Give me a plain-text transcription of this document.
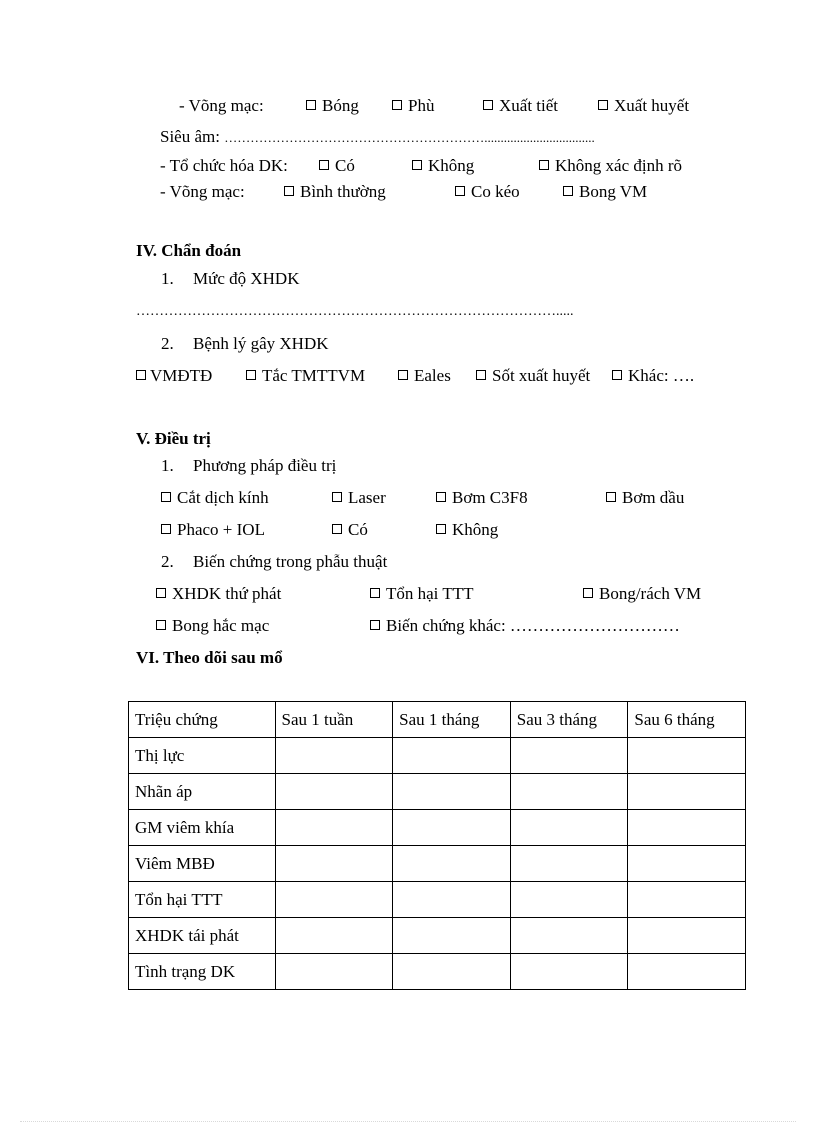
- Võng mạc:	Bóng	Phù	Xuất tiết	Xuất huyết
Siêu âm: ……………………………………………………..................................
- Tổ chức hóa DK:	Có	Không	Không xác định rõ
- Võng mạc:	Bình thường	Co kéo	Bong VM
IV. Chẩn đoán
1. Mức độ XHDK
……………………………………………………………………………….....
2. Bệnh lý gây XHDK
VMĐTĐ	Tắc TMTTVM	Eales	Sốt xuất huyết	Khác: ….
V. Điều trị
1. Phương pháp điều trị
Cắt dịch kính	Laser	Bơm C3F8	Bơm dầu
Phaco + IOL	Có	Không
2. Biến chứng trong phẫu thuật
XHDK thứ phát	Tổn hại TTT	Bong/rách VM
Bong hắc mạc	Biến chứng khác: …………………………
VI. Theo dõi sau mổ
Triệu chứng	Sau 1 tuần	Sau 1 tháng	Sau 3 tháng	Sau 6 tháng
Thị lực				
Nhãn áp				
GM viêm khía				
Viêm MBĐ				
Tổn hại TTT				
XHDK tái phát				
Tình trạng DK				
